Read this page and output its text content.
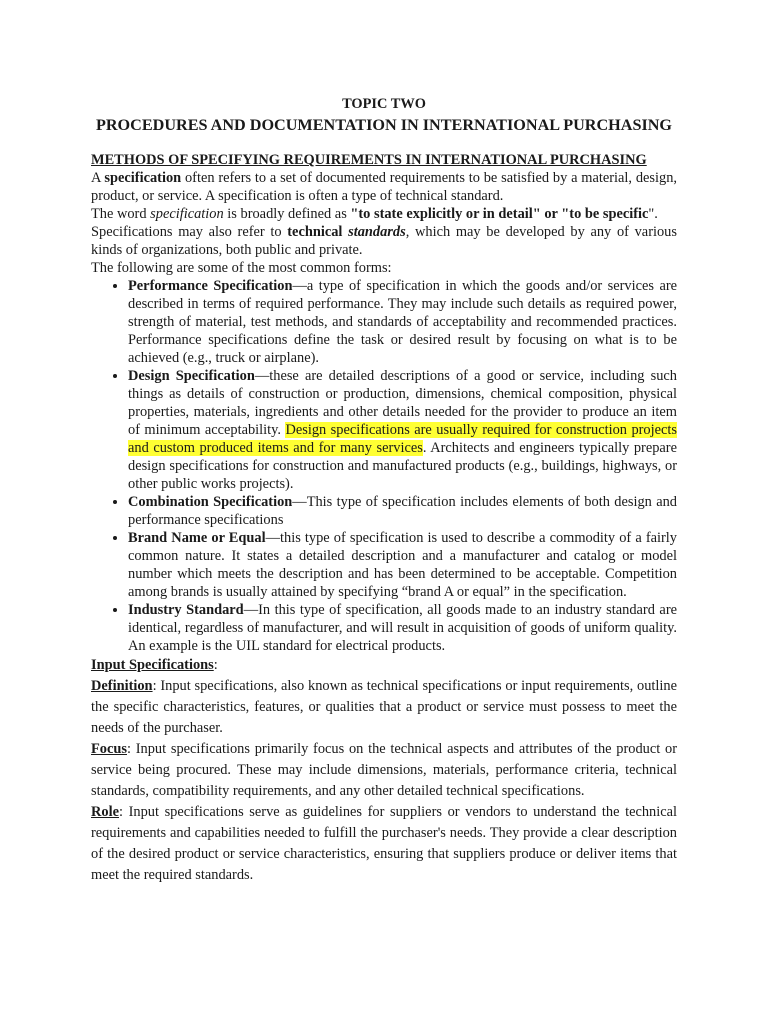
TOPIC TWO
PROCEDURES AND DOCUMENTATION IN INTERNATIONAL PURCHASING
METHODS OF SPECIFYING REQUIREMENTS IN INTERNATIONAL PURCHASING

A specification often refers to a set of documented requirements to be satisfied by a material, design, product, or service. A specification is often a type of technical standard.

The word specification is broadly defined as "to state explicitly or in detail" or "to be specific".

Specifications may also refer to technical standards, which may be developed by any of various kinds of organizations, both public and private.

The following are some of the most common forms:

• Performance Specification—a type of specification in which the goods and/or services are described in terms of required performance. They may include such details as required power, strength of material, test methods, and standards of acceptability and recommended practices. Performance specifications define the task or desired result by focusing on what is to be achieved (e.g., truck or airplane).
• Design Specification—these are detailed descriptions of a good or service, including such things as details of construction or production, dimensions, chemical composition, physical properties, materials, ingredients and other details needed for the provider to produce an item of minimum acceptability. Design specifications are usually required for construction projects and custom produced items and for many services. Architects and engineers typically prepare design specifications for construction and manufactured products (e.g., buildings, highways, or other public works projects).
• Combination Specification—This type of specification includes elements of both design and performance specifications
• Brand Name or Equal—this type of specification is used to describe a commodity of a fairly common nature. It states a detailed description and a manufacturer and catalog or model number which meets the description and has been determined to be acceptable. Competition among brands is usually attained by specifying “brand A or equal” in the specification.
• Industry Standard—In this type of specification, all goods made to an industry standard are identical, regardless of manufacturer, and will result in acquisition of goods of uniform quality. An example is the UIL standard for electrical products.

Input Specifications:

Definition: Input specifications, also known as technical specifications or input requirements, outline the specific characteristics, features, or qualities that a product or service must possess to meet the needs of the purchaser.

Focus: Input specifications primarily focus on the technical aspects and attributes of the product or service being procured. These may include dimensions, materials, performance criteria, technical standards, compatibility requirements, and any other detailed technical specifications.

Role: Input specifications serve as guidelines for suppliers or vendors to understand the technical requirements and capabilities needed to fulfill the purchaser's needs. They provide a clear description of the desired product or service characteristics, ensuring that suppliers produce or deliver items that meet the required standards.
